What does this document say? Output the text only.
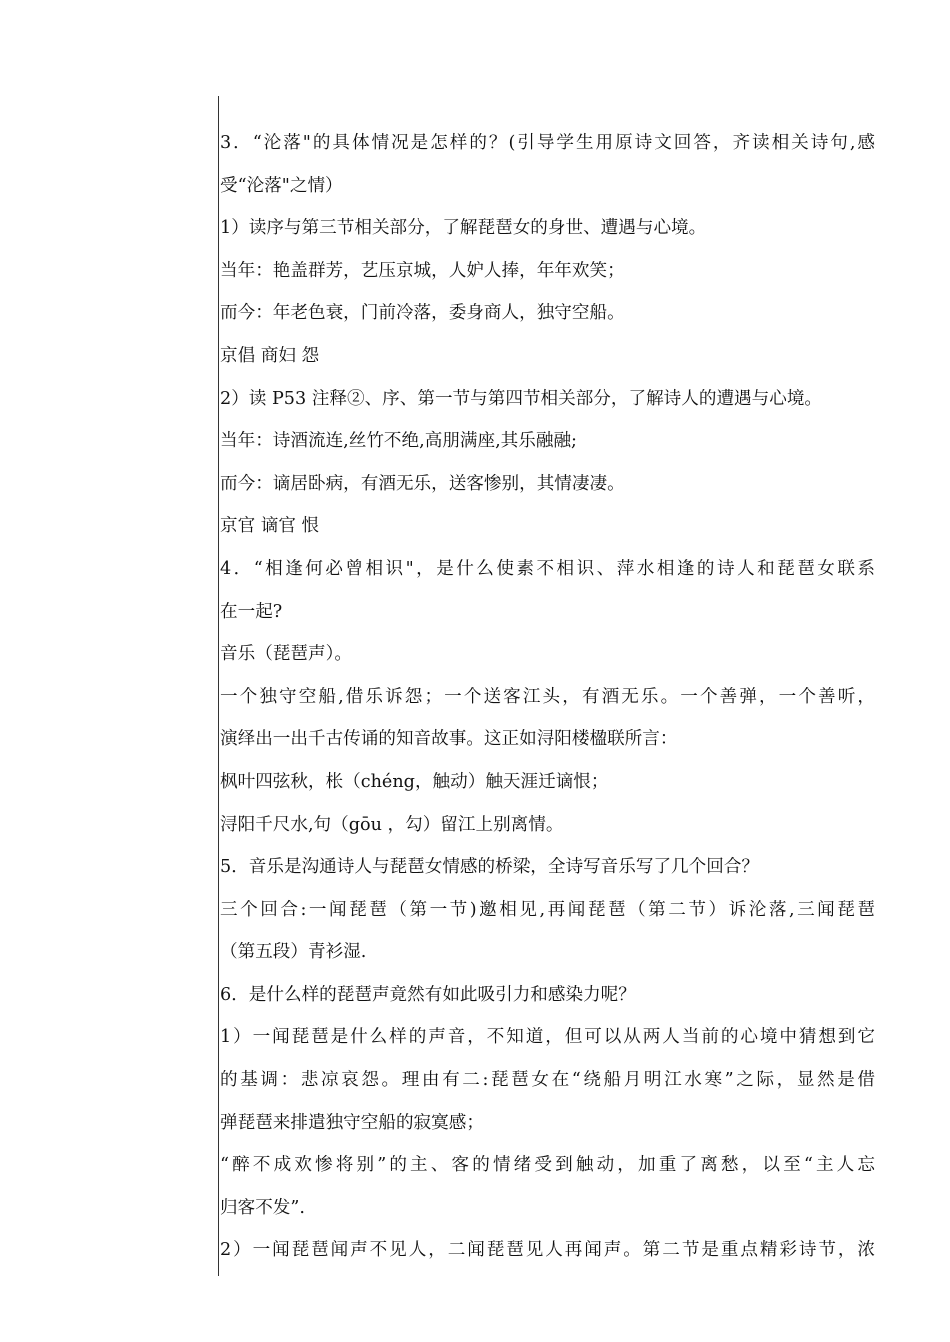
3．“沦落"的具体情况是怎样的？(引导学生用原诗文回答，齐读相关诗句,感
受“沦落"之情）
1）读序与第三节相关部分，了解琵琶女的身世、遭遇与心境。
当年：艳盖群芳，艺压京城，人妒人捧，年年欢笑；
而今：年老色衰，门前冷落，委身商人，独守空船。
京倡 商妇 怨
2）读 P53 注释②、序、第一节与第四节相关部分，了解诗人的遭遇与心境。
当年：诗酒流连,丝竹不绝,高朋满座,其乐融融;
而今：谪居卧病，有酒无乐，送客惨别，其情凄凄。
京官 谪官 恨
4．“相逢何必曾相识"，是什么使素不相识、萍水相逢的诗人和琵琶女联系
在一起?
音乐（琵琶声）。
一个独守空船,借乐诉怨；一个送客江头，有酒无乐。一个善弹，一个善听，
演绎出一出千古传诵的知音故事。这正如浔阳楼楹联所言：
枫叶四弦秋，枨（chéng，触动）触天涯迁谪恨；
浔阳千尺水,句（gōu ，勾）留江上别离情。
5．音乐是沟通诗人与琵琶女情感的桥梁，全诗写音乐写了几个回合？
三个回合:一闻琵琶（第一节)邀相见,再闻琵琶（第二节）诉沦落,三闻琵琶
（第五段）青衫湿.
6．是什么样的琵琶声竟然有如此吸引力和感染力呢？
1）一闻琵琶是什么样的声音，不知道，但可以从两人当前的心境中猜想到它
的基调：悲凉哀怨。理由有二:琵琶女在“绕船月明江水寒”之际，显然是借
弹琵琶来排遣独守空船的寂寞感；
“醉不成欢惨将别”的主、客的情绪受到触动，加重了离愁，以至“主人忘
归客不发”.
2）一闻琵琶闻声不见人，二闻琵琶见人再闻声。第二节是重点精彩诗节，浓
